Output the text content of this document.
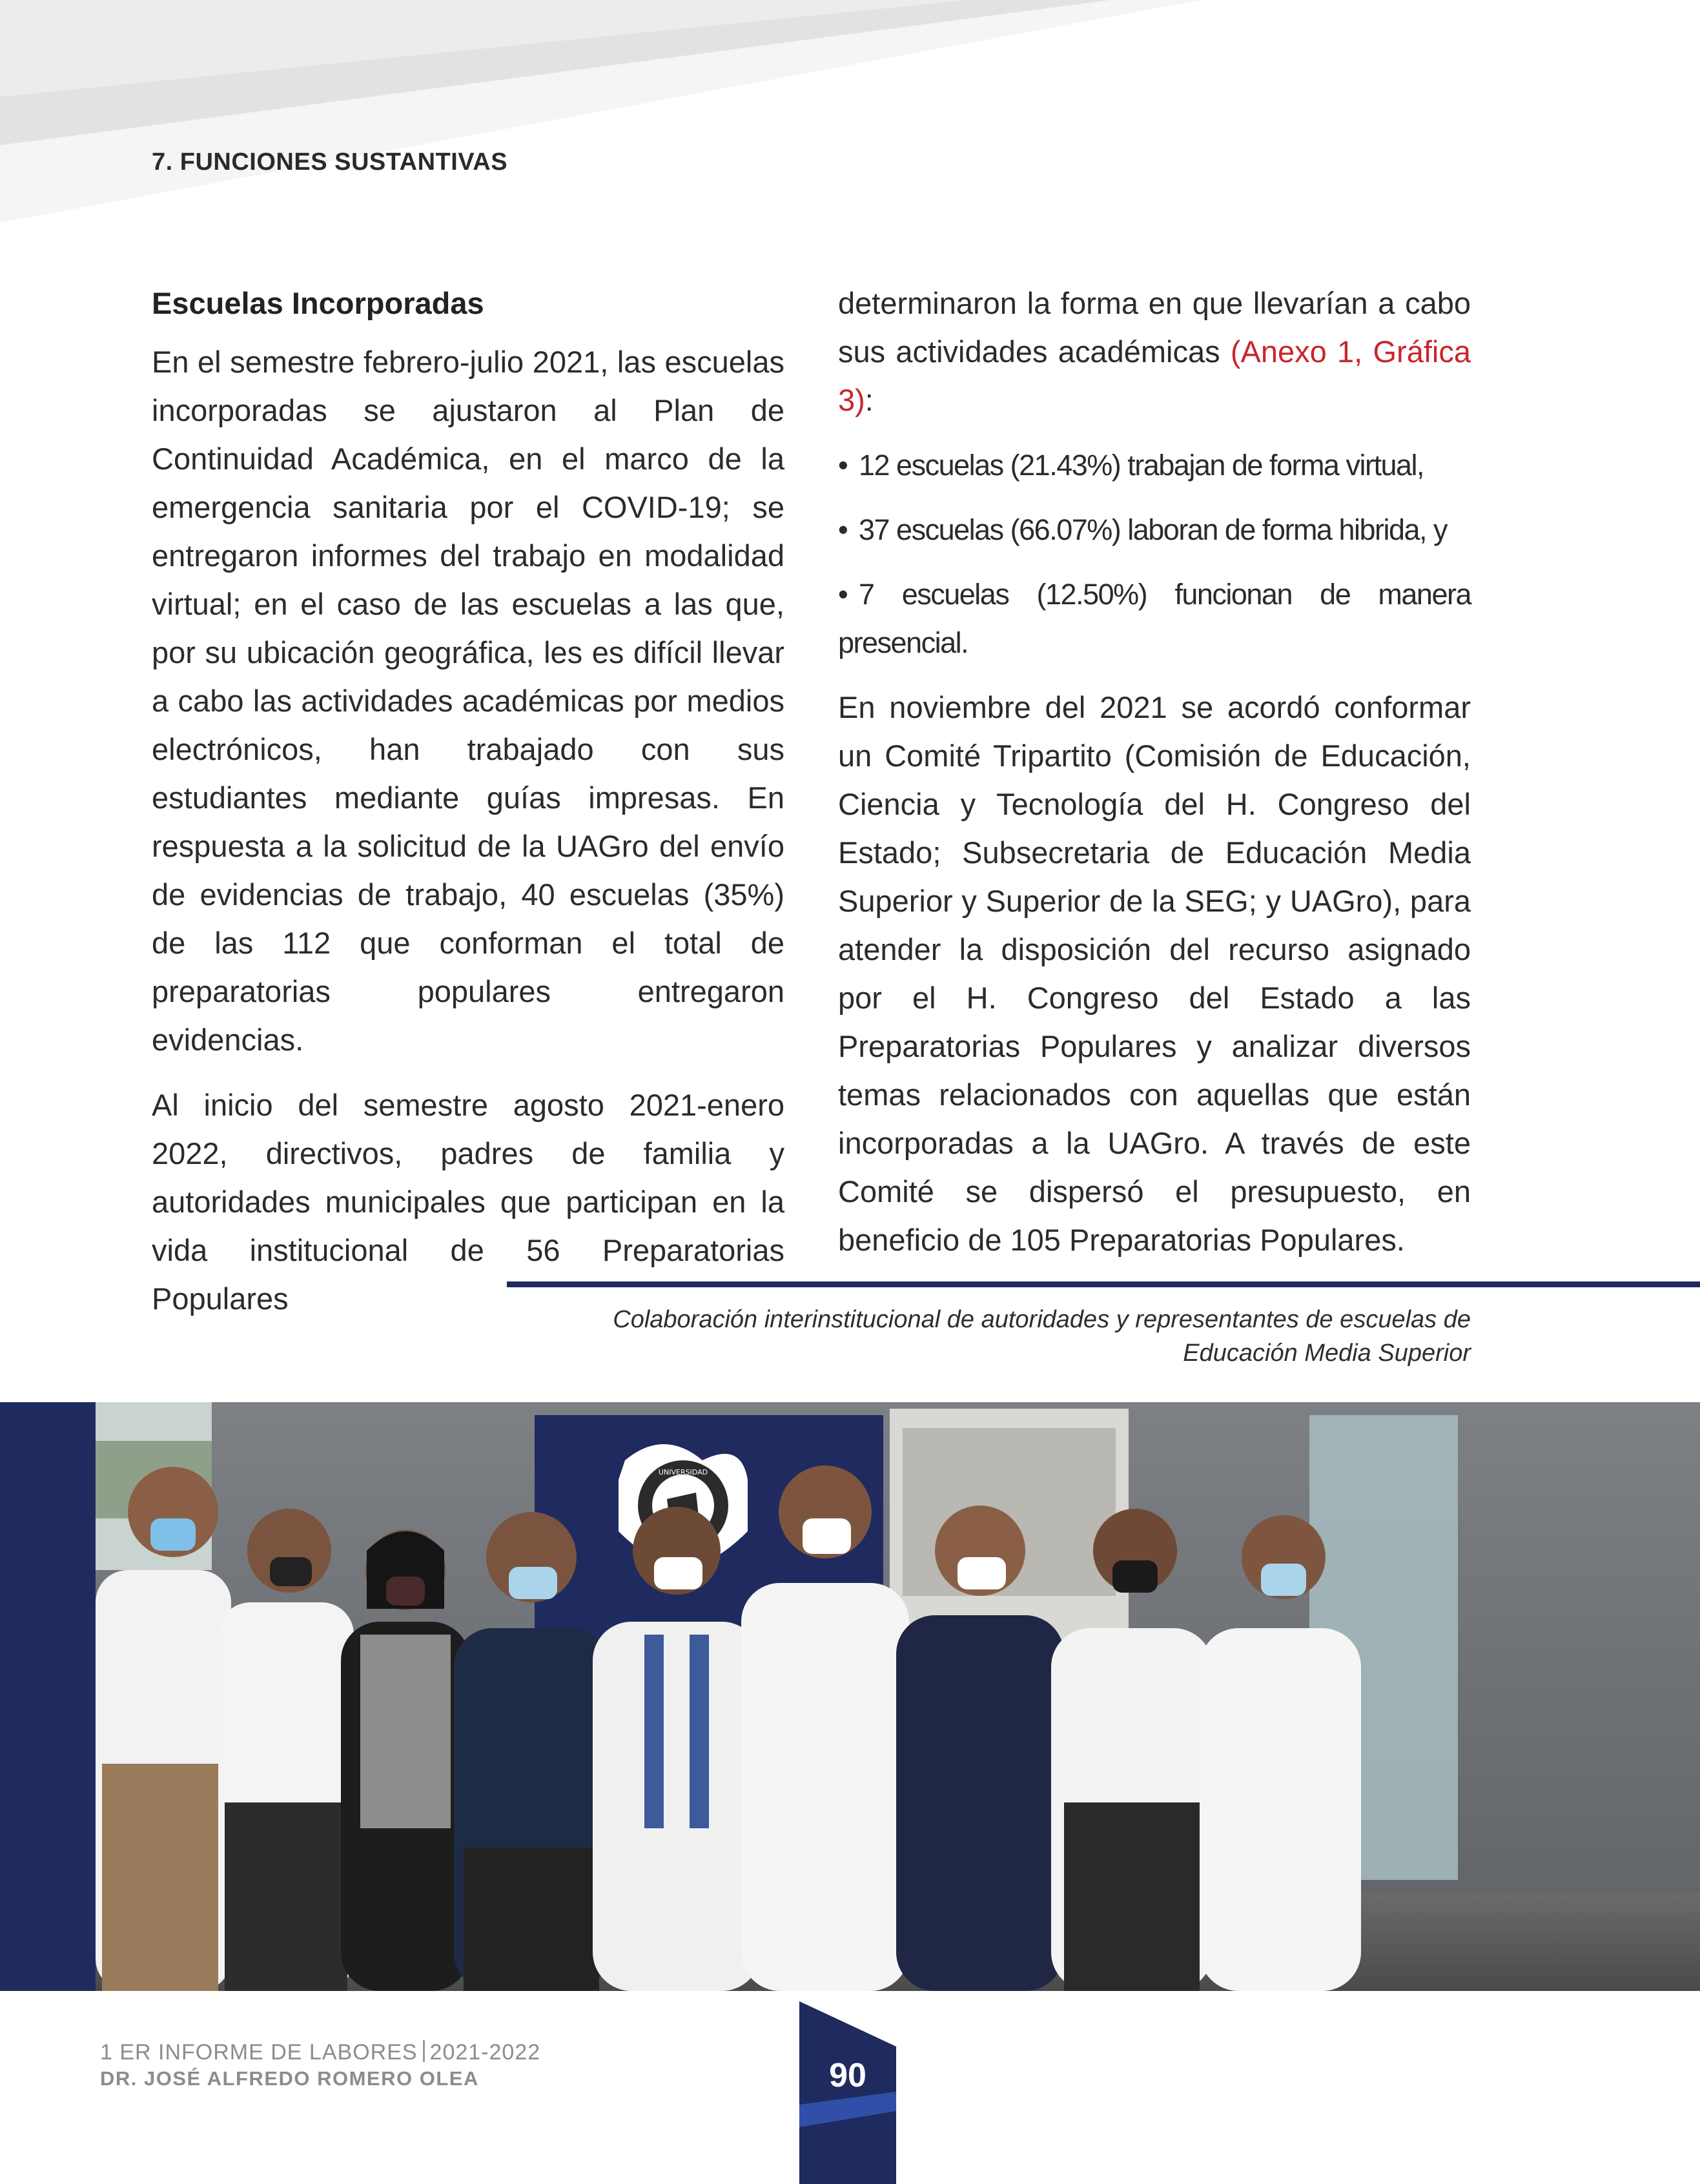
7. FUNCIONES SUSTANTIVAS
Escuelas Incorporadas

En el semestre febrero-julio 2021, las escuelas incorporadas se ajustaron al Plan de Continuidad Académica, en el marco de la emergencia sanitaria por el COVID-19; se entregaron informes del trabajo en modalidad virtual; en el caso de las escuelas a las que, por su ubicación geográfica, les es difícil llevar a cabo las actividades académicas por medios electrónicos, han trabajado con sus estudiantes mediante guías impresas. En respuesta a la solicitud de la UAGro del envío de evidencias de trabajo, 40 escuelas (35%) de las 112 que conforman el total de preparatorias populares entregaron evidencias.

Al inicio del semestre agosto 2021-enero 2022, directivos, padres de familia y autoridades municipales que participan en la vida institucional de 56 Preparatorias Populares

determinaron la forma en que llevarían a cabo sus actividades académicas (Anexo 1, Gráfica 3):

• 12 escuelas (21.43%) trabajan de forma virtual,
• 37 escuelas (66.07%) laboran de forma hibrida, y
• 7 escuelas (12.50%) funcionan de manera presencial.

En noviembre del 2021 se acordó conformar un Comité Tripartito (Comisión de Educación, Ciencia y Tecnología del H. Congreso del Estado; Subsecretaria de Educación Media Superior y Superior de la SEG; y UAGro), para atender la disposición del recurso asignado por el H. Congreso del Estado a las Preparatorias Populares y analizar diversos temas relacionados con aquellas que están incorporadas a la UAGro. A través de este Comité se dispersó el presupuesto, en beneficio de 105 Preparatorias Populares.

Colaboración interinstitucional de autoridades y representantes de escuelas de
Educación Media Superior
UNIVERSIDAD
1 ER INFORME DE LABORES 2021-2022
DR. JOSÉ ALFREDO ROMERO OLEA	90
